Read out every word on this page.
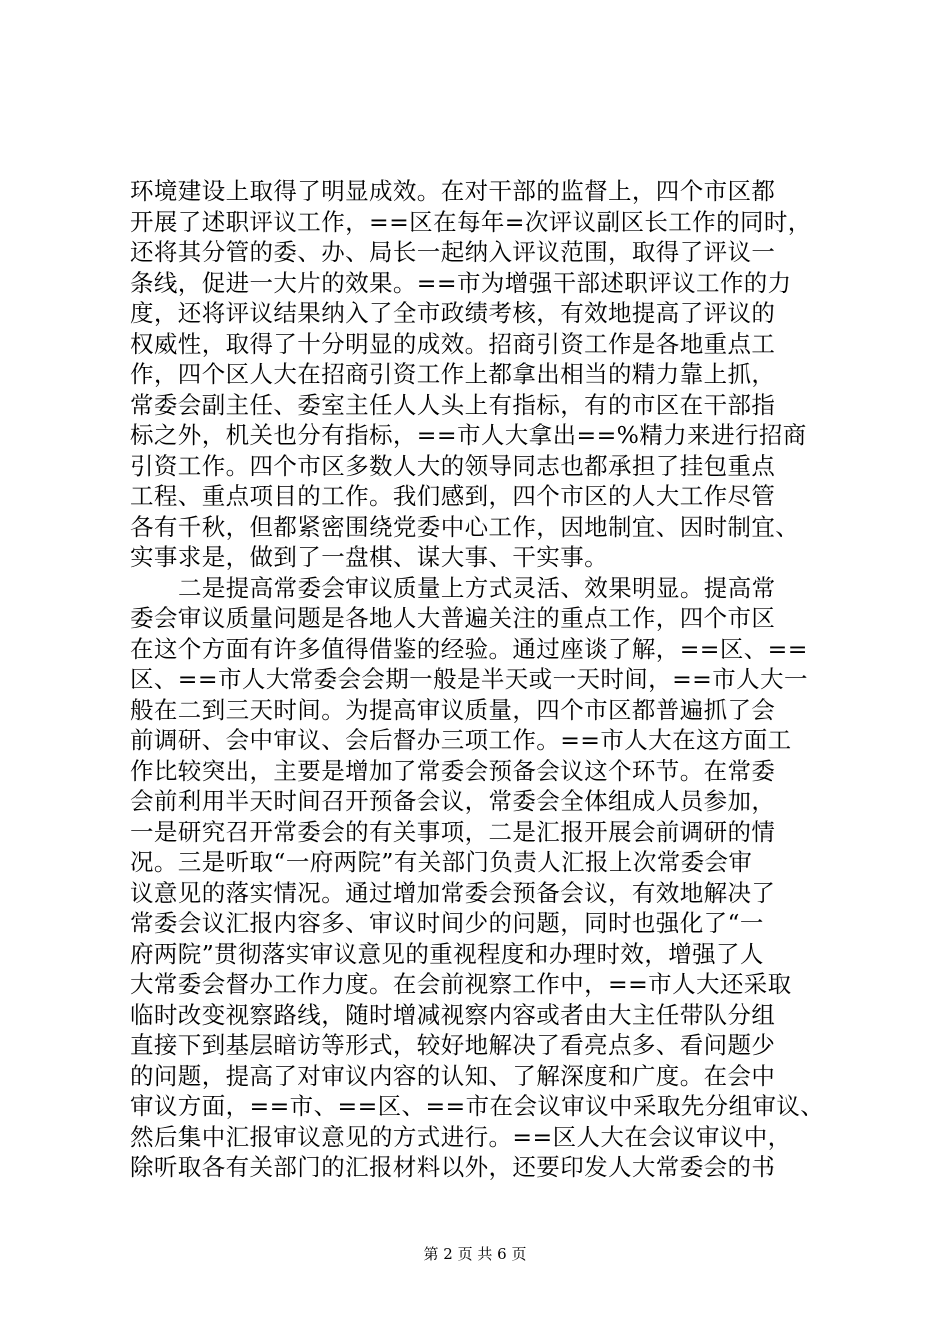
环境建设上取得了明显成效。在对干部的监督上，四个市区都
开展了述职评议工作，==区在每年=次评议副区长工作的同时，
还将其分管的委、办、局长一起纳入评议范围，取得了评议一
条线，促进一大片的效果。==市为增强干部述职评议工作的力
度，还将评议结果纳入了全市政绩考核，有效地提高了评议的
权威性，取得了十分明显的成效。招商引资工作是各地重点工
作，四个区人大在招商引资工作上都拿出相当的精力靠上抓，
常委会副主任、委室主任人人头上有指标，有的市区在干部指
标之外，机关也分有指标，==市人大拿出==%精力来进行招商
引资工作。四个市区多数人大的领导同志也都承担了挂包重点
工程、重点项目的工作。我们感到，四个市区的人大工作尽管
各有千秋，但都紧密围绕党委中心工作，因地制宜、因时制宜、
实事求是，做到了一盘棋、谋大事、干实事。
二是提高常委会审议质量上方式灵活、效果明显。提高常
委会审议质量问题是各地人大普遍关注的重点工作，四个市区
在这个方面有许多值得借鉴的经验。通过座谈了解，==区、==
区、==市人大常委会会期一般是半天或一天时间，==市人大一
般在二到三天时间。为提高审议质量，四个市区都普遍抓了会
前调研、会中审议、会后督办三项工作。==市人大在这方面工
作比较突出，主要是增加了常委会预备会议这个环节。在常委
会前利用半天时间召开预备会议，常委会全体组成人员参加，
一是研究召开常委会的有关事项，二是汇报开展会前调研的情
况。三是听取“一府两院”有关部门负责人汇报上次常委会审
议意见的落实情况。通过增加常委会预备会议，有效地解决了
常委会议汇报内容多、审议时间少的问题，同时也强化了“一
府两院”贯彻落实审议意见的重视程度和办理时效，增强了人
大常委会督办工作力度。在会前视察工作中，==市人大还采取
临时改变视察路线，随时增减视察内容或者由大主任带队分组
直接下到基层暗访等形式，较好地解决了看亮点多、看问题少
的问题，提高了对审议内容的认知、了解深度和广度。在会中
审议方面，==市、==区、==市在会议审议中采取先分组审议、
然后集中汇报审议意见的方式进行。==区人大在会议审议中，
除听取各有关部门的汇报材料以外，还要印发人大常委会的书
第 2 页 共 6 页
